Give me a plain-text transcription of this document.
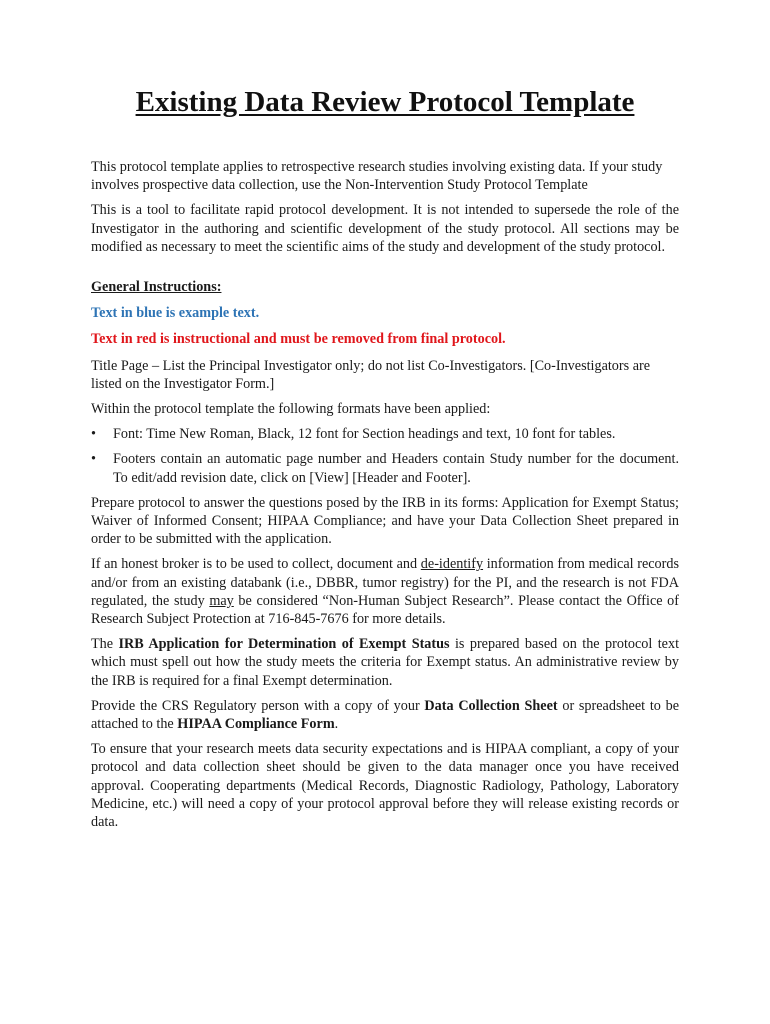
Existing Data Review Protocol Template

This protocol template applies to retrospective research studies involving existing data. If your study involves prospective data collection, use the Non-Intervention Study Protocol Template

This is a tool to facilitate rapid protocol development. It is not intended to supersede the role of the Investigator in the authoring and scientific development of the study protocol. All sections may be modified as necessary to meet the scientific aims of the study and development of the study protocol.

General Instructions:

Text in blue is example text.

Text in red is instructional and must be removed from final protocol.

Title Page – List the Principal Investigator only; do not list Co-Investigators. [Co-Investigators are listed on the Investigator Form.]

Within the protocol template the following formats have been applied:

• Font: Time New Roman, Black, 12 font for Section headings and text, 10 font for tables.
• Footers contain an automatic page number and Headers contain Study number for the document. To edit/add revision date, click on [View] [Header and Footer].

Prepare protocol to answer the questions posed by the IRB in its forms: Application for Exempt Status; Waiver of Informed Consent; HIPAA Compliance; and have your Data Collection Sheet prepared in order to be submitted with the application.

If an honest broker is to be used to collect, document and de-identify information from medical records and/or from an existing databank (i.e., DBBR, tumor registry) for the PI, and the research is not FDA regulated, the study may be considered “Non-Human Subject Research”. Please contact the Office of Research Subject Protection at 716-845-7676 for more details.

The IRB Application for Determination of Exempt Status is prepared based on the protocol text which must spell out how the study meets the criteria for Exempt status. An administrative review by the IRB is required for a final Exempt determination.

Provide the CRS Regulatory person with a copy of your Data Collection Sheet or spreadsheet to be attached to the HIPAA Compliance Form.

To ensure that your research meets data security expectations and is HIPAA compliant, a copy of your protocol and data collection sheet should be given to the data manager once you have received approval. Cooperating departments (Medical Records, Diagnostic Radiology, Pathology, Laboratory Medicine, etc.) will need a copy of your protocol approval before they will release existing records or data.
